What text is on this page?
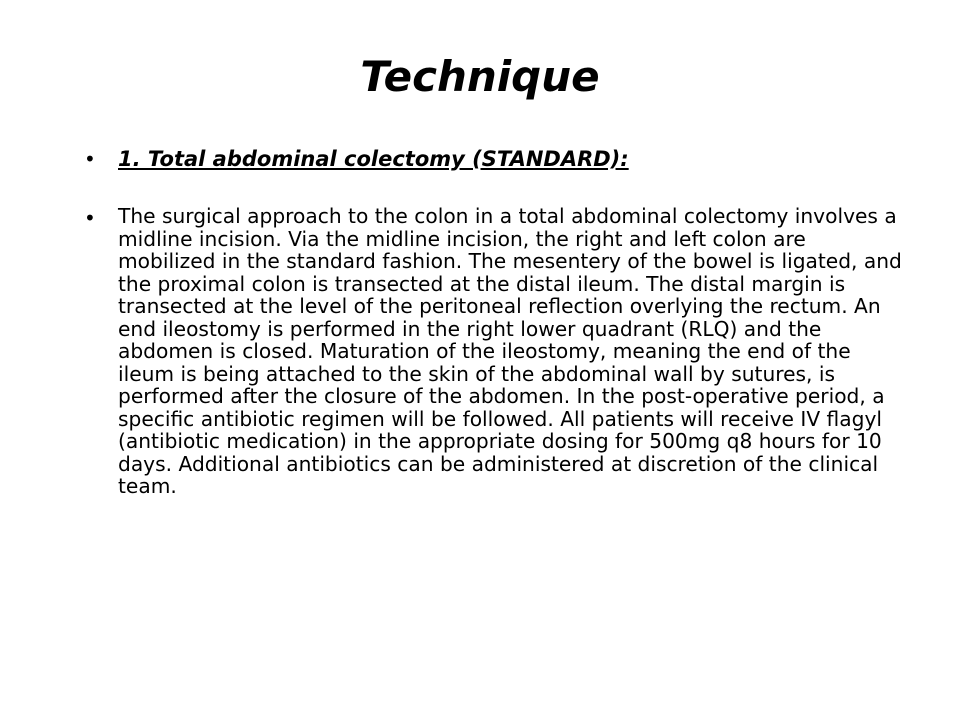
Technique
•	1. Total abdominal colectomy (STANDARD):
•	The surgical approach to the colon in a total abdominal colectomy involves a midline incision. Via the midline incision, the right and left colon are mobilized in the standard fashion. The mesentery of the bowel is ligated, and the proximal colon is transected at the distal ileum. The distal margin is transected at the level of the peritoneal reflection overlying the rectum. An end ileostomy is performed in the right lower quadrant (RLQ) and the abdomen is closed. Maturation of the ileostomy, meaning the end of the ileum is being attached to the skin of the abdominal wall by sutures, is performed after the closure of the abdomen. In the post-operative period, a specific antibiotic regimen will be followed. All patients will receive IV flagyl (antibiotic medication) in the appropriate dosing for 500mg q8 hours for 10 days. Additional antibiotics can be administered at discretion of the clinical team.
